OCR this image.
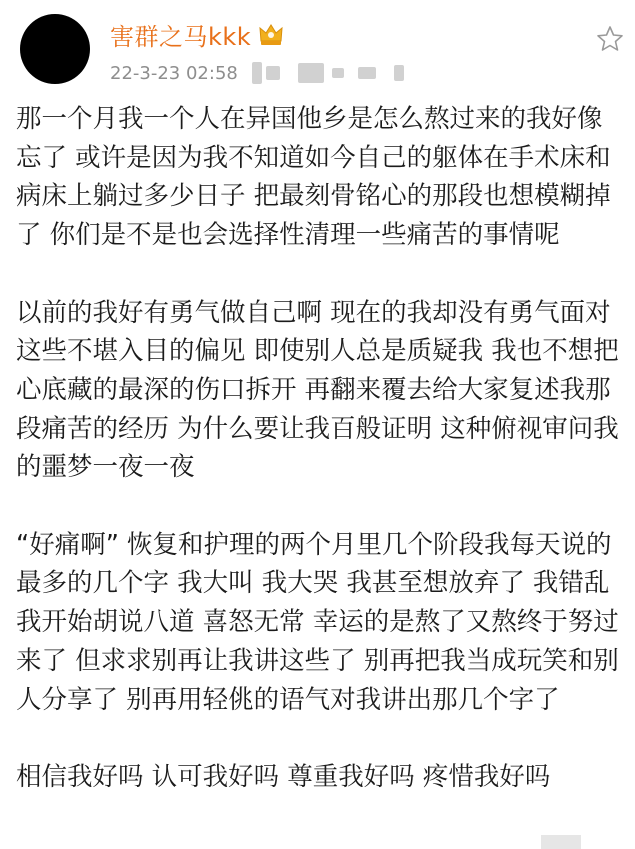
害群之马kkk
22-3-23 02:58

那一个月我一个人在异国他乡是怎么熬过来的我好像忘了 或许是因为我不知道如今自己的躯体在手术床和病床上躺过多少日子 把最刻骨铭心的那段也想模糊掉了 你们是不是也会选择性清理一些痛苦的事情呢

以前的我好有勇气做自己啊 现在的我却没有勇气面对这些不堪入目的偏见 即使别人总是质疑我 我也不想把心底藏的最深的伤口拆开 再翻来覆去给大家复述我那段痛苦的经历 为什么要让我百般证明 这种俯视审问我的噩梦一夜一夜

“好痛啊” 恢复和护理的两个月里几个阶段我每天说的最多的几个字 我大叫 我大哭 我甚至想放弃了 我错乱 我开始胡说八道 喜怒无常 幸运的是熬了又熬终于努过来了 但求求别再让我讲这些了 别再把我当成玩笑和别人分享了 别再用轻佻的语气对我讲出那几个字了

相信我好吗 认可我好吗 尊重我好吗 疼惜我好吗
